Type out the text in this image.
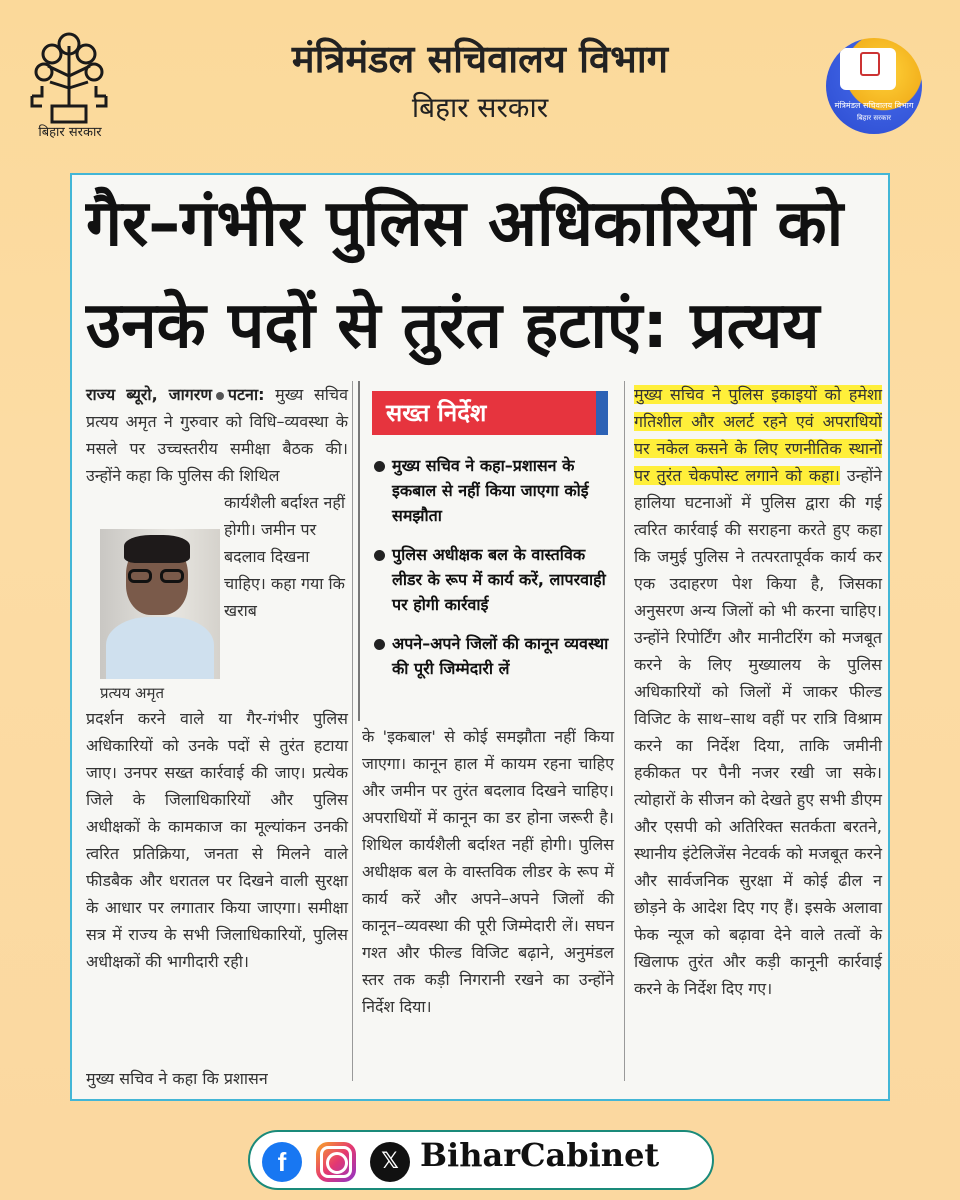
बिहार सरकार
मंत्रिमंडल सचिवालय विभाग
बिहार सरकार	मंत्रिमंडल सचिवालय विभाग
बिहार सरकार
गैर–गंभीर पुलिस अधिकारियों को
उनके पदों से तुरंत हटाएं: प्रत्यय
राज्य ब्यूरो, जागरण पटना: मुख्य सचिव प्रत्यय अमृत ने गुरुवार को विधि–व्यवस्था के मसले पर उच्चस्तरीय समीक्षा बैठक की। उन्होंने कहा कि पुलिस की शिथिल
कार्यशैली बर्दाश्त नहीं होगी। जमीन पर बदलाव दिखना चाहिए। कहा गया कि खराब
प्रत्यय अमृत
प्रदर्शन करने वाले या गैर-गंभीर पुलिस अधिकारियों को उनके पदों से तुरंत हटाया जाए। उनपर सख्त कार्रवाई की जाए। प्रत्येक जिले के जिलाधिकारियों और पुलिस अधीक्षकों के कामकाज का मूल्यांकन उनकी त्वरित प्रतिक्रिया, जनता से मिलने वाले फीडबैक और धरातल पर दिखने वाली सुरक्षा के आधार पर लगातार किया जाएगा। समीक्षा सत्र में राज्य के सभी जिलाधिकारियों, पुलिस अधीक्षकों की भागीदारी रही।
मुख्य सचिव ने कहा कि प्रशासन
सख्त निर्देश
मुख्य सचिव ने कहा–प्रशासन के इकबाल से नहीं किया जाएगा कोई समझौता
पुलिस अधीक्षक बल के वास्तविक लीडर के रूप में कार्य करें, लापरवाही पर होगी कार्रवाई
अपने–अपने जिलों की कानून व्यवस्था की पूरी जिम्मेदारी लें
के 'इकबाल' से कोई समझौता नहीं किया जाएगा। कानून हाल में कायम रहना चाहिए और जमीन पर तुरंत बदलाव दिखने चाहिए। अपराधियों में कानून का डर होना जरूरी है। शिथिल कार्यशैली बर्दाश्त नहीं होगी। पुलिस अधीक्षक बल के वास्तविक लीडर के रूप में कार्य करें और अपने–अपने जिलों की कानून–व्यवस्था की पूरी जिम्मेदारी लें। सघन गश्त और फील्ड विजिट बढ़ाने, अनुमंडल स्तर तक कड़ी निगरानी रखने का उन्होंने निर्देश दिया।
मुख्य सचिव ने पुलिस इकाइयों को हमेशा गतिशील और अलर्ट रहने एवं अपराधियों पर नकेल कसने के लिए रणनीतिक स्थानों पर तुरंत चेकपोस्ट लगाने को कहा। उन्होंने हालिया घटनाओं में पुलिस द्वारा की गई त्वरित कार्रवाई की सराहना करते हुए कहा कि जमुई पुलिस ने तत्परतापूर्वक कार्य कर एक उदाहरण पेश किया है, जिसका अनुसरण अन्य जिलों को भी करना चाहिए। उन्होंने रिपोर्टिंग और मानीटरिंग को मजबूत करने के लिए मुख्यालय के पुलिस अधिकारियों को जिलों में जाकर फील्ड विजिट के साथ–साथ वहीं पर रात्रि विश्राम करने का निर्देश दिया, ताकि जमीनी हकीकत पर पैनी नजर रखी जा सके। त्योहारों के सीजन को देखते हुए सभी डीएम और एसपी को अतिरिक्त सतर्कता बरतने, स्थानीय इंटेलिजेंस नेटवर्क को मजबूत करने और सार्वजनिक सुरक्षा में कोई ढील न छोड़ने के आदेश दिए गए हैं। इसके अलावा फेक न्यूज को बढ़ावा देने वाले तत्वों के खिलाफ तुरंत और कड़ी कानूनी कार्रवाई करने के निर्देश दिए गए।
f	𝕏 BiharCabinet
